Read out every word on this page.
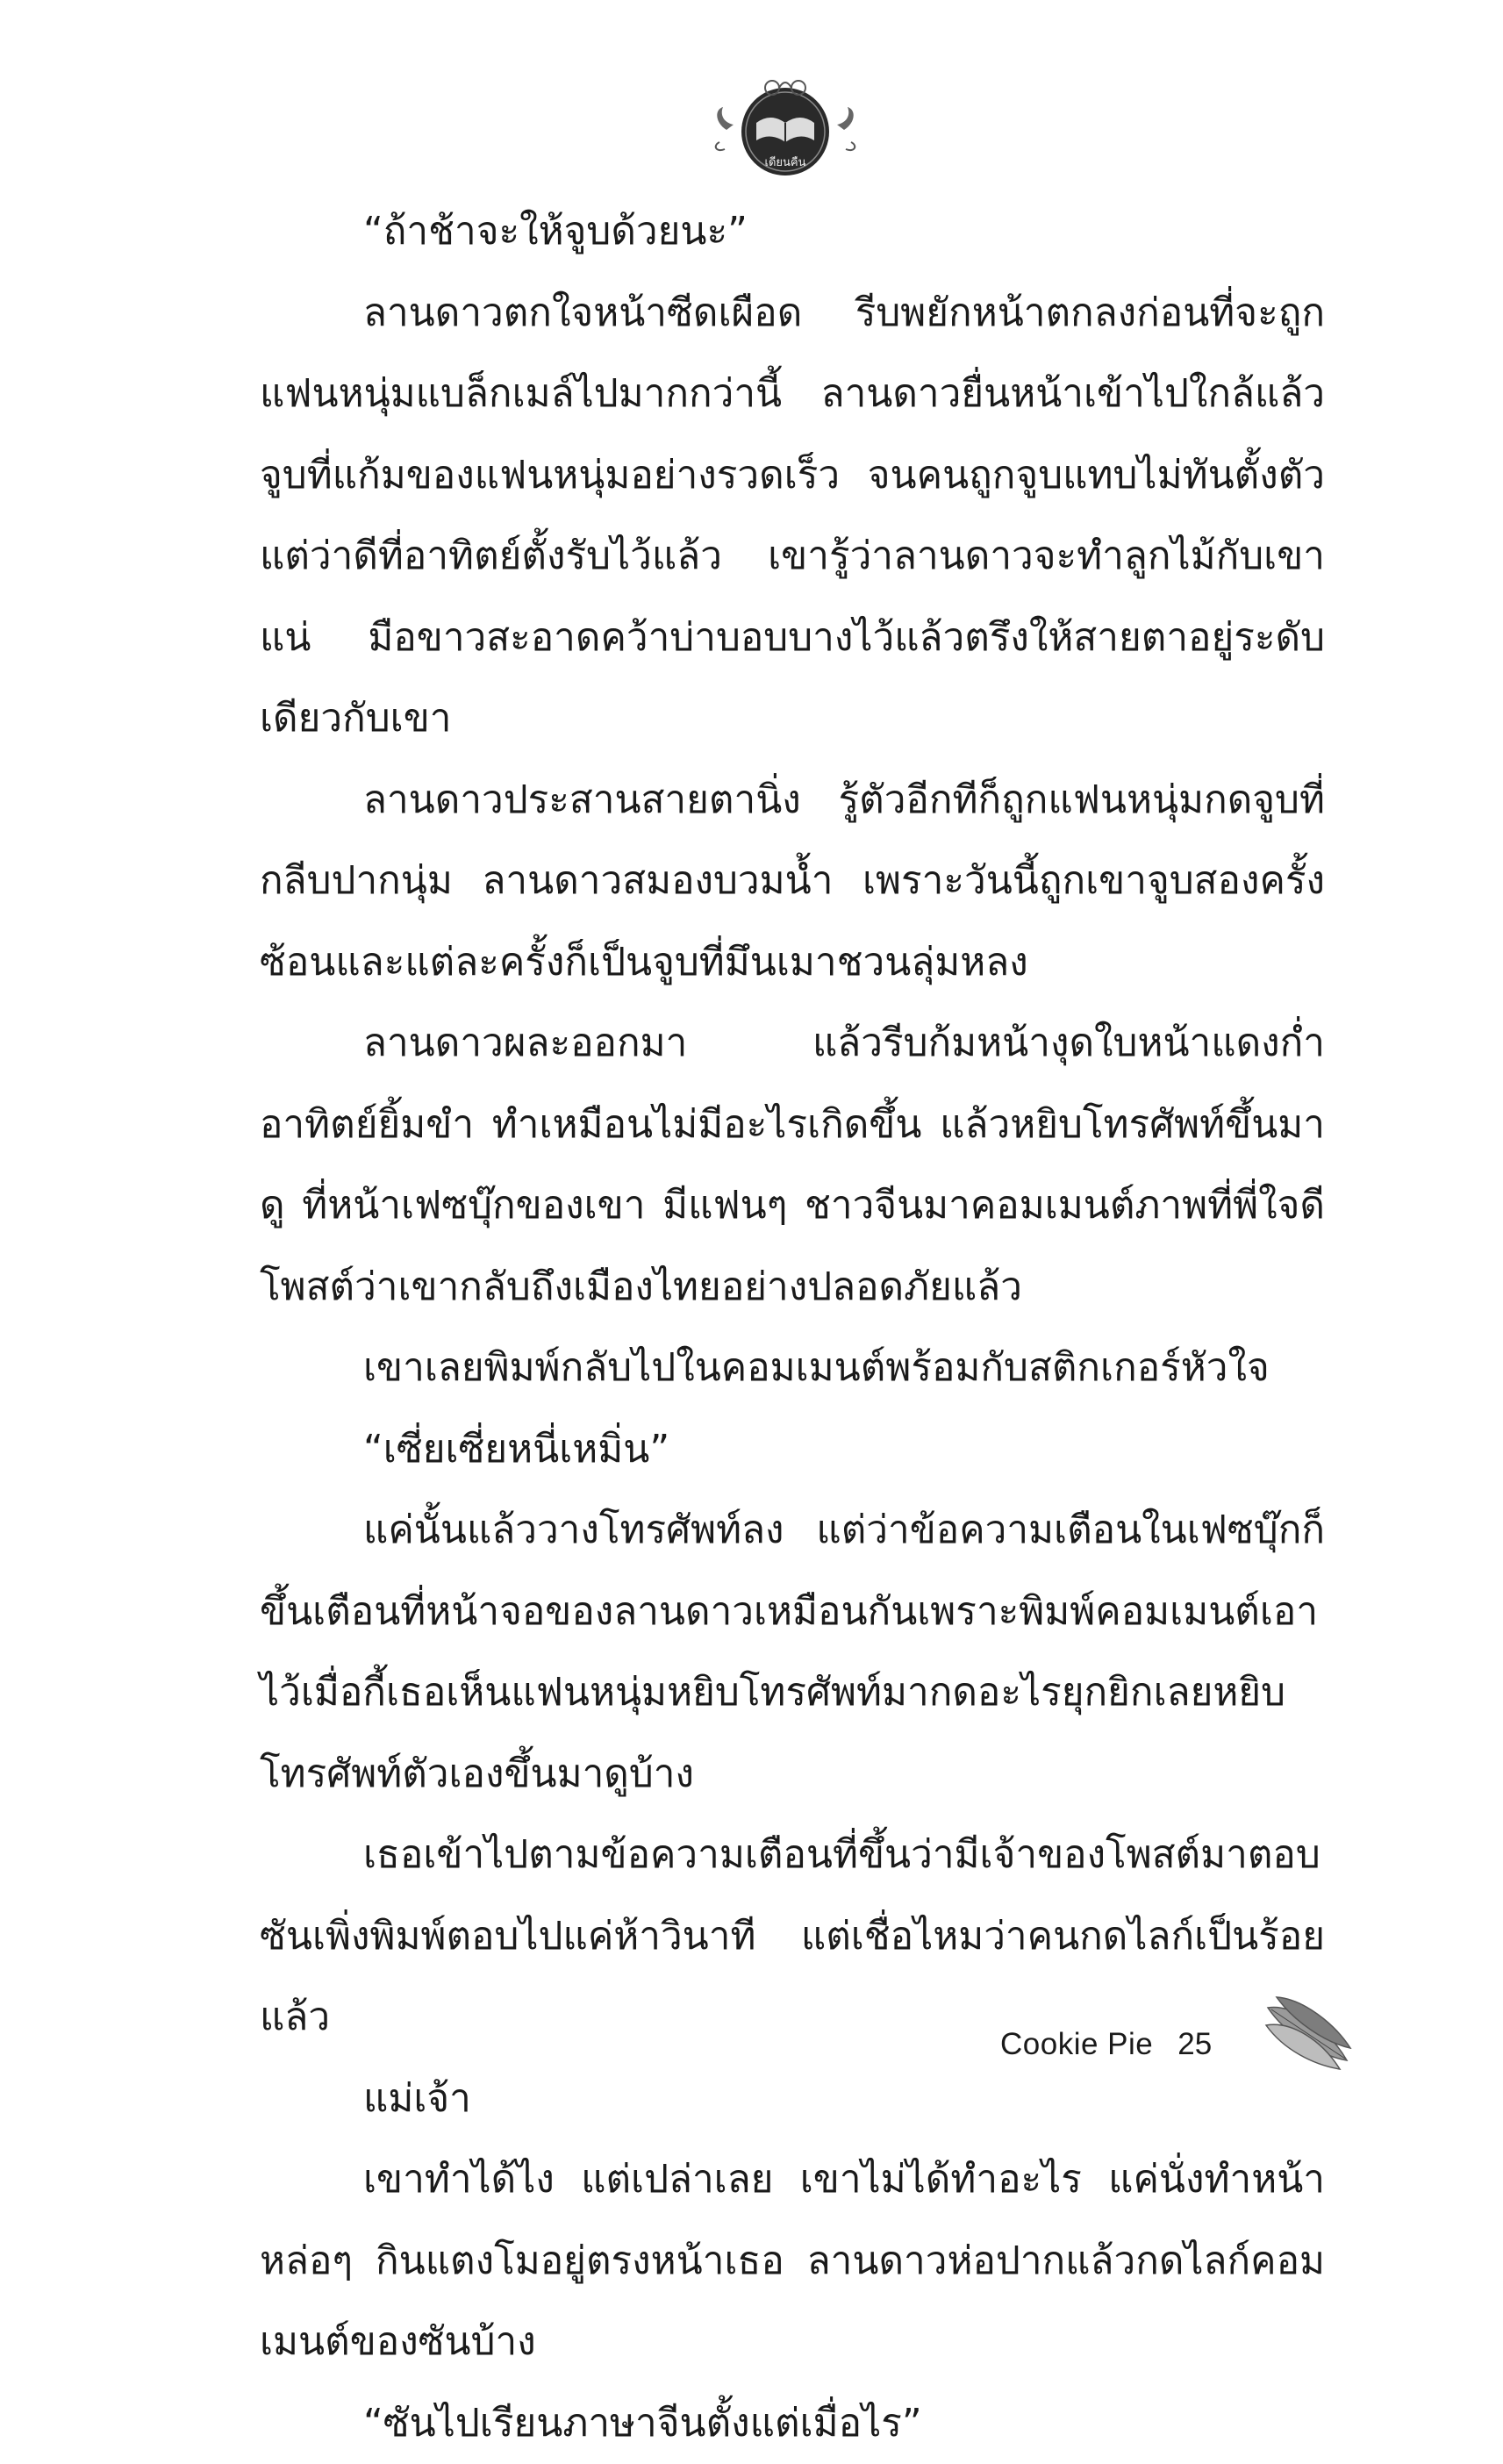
เดียนคืน

“ถ้าช้าจะให้จูบด้วยนะ”

ลานดาวตกใจหน้าซีดเผือด รีบพยักหน้าตกลงก่อนที่จะถูกแฟนหนุ่มแบล็กเมล์ไปมากกว่านี้ ลานดาวยื่นหน้าเข้าไปใกล้แล้วจูบที่แก้มของแฟนหนุ่มอย่างรวดเร็ว จนคนถูกจูบแทบไม่ทันตั้งตัว แต่ว่าดีที่อาทิตย์ตั้งรับไว้แล้ว เขารู้ว่าลานดาวจะทำลูกไม้กับเขาแน่ มือขาวสะอาดคว้าบ่าบอบบางไว้แล้วตรึงให้สายตาอยู่ระดับเดียวกับเขา

ลานดาวประสานสายตานิ่ง รู้ตัวอีกทีก็ถูกแฟนหนุ่มกดจูบที่กลีบปากนุ่ม ลานดาวสมองบวมน้ำ เพราะวันนี้ถูกเขาจูบสองครั้งซ้อนและแต่ละครั้งก็เป็นจูบที่มึนเมาชวนลุ่มหลง

ลานดาวผละออกมา แล้วรีบก้มหน้างุดใบหน้าแดงก่ำ อาทิตย์ยิ้มขำ ทำเหมือนไม่มีอะไรเกิดขึ้น แล้วหยิบโทรศัพท์ขึ้นมาดู ที่หน้าเฟซบุ๊กของเขา มีแฟนๆ ชาวจีนมาคอมเมนต์ภาพที่พี่ใจดีโพสต์ว่าเขากลับถึงเมืองไทยอย่างปลอดภัยแล้ว

เขาเลยพิมพ์กลับไปในคอมเมนต์พร้อมกับสติกเกอร์หัวใจ

“เซี่ยเซี่ยหนี่เหมิ่น”

แค่นั้นแล้ววางโทรศัพท์ลง แต่ว่าข้อความเตือนในเฟซบุ๊กก็ขึ้นเตือนที่หน้าจอของลานดาวเหมือนกันเพราะพิมพ์คอมเมนต์เอาไว้เมื่อกี้เธอเห็นแฟนหนุ่มหยิบโทรศัพท์มากดอะไรยุกยิกเลยหยิบโทรศัพท์ตัวเองขึ้นมาดูบ้าง

เธอเข้าไปตามข้อความเตือนที่ขึ้นว่ามีเจ้าของโพสต์มาตอบ ซันเพิ่งพิมพ์ตอบไปแค่ห้าวินาที แต่เชื่อไหมว่าคนกดไลก์เป็นร้อยแล้ว

แม่เจ้า

เขาทำได้ไง แต่เปล่าเลย เขาไม่ได้ทำอะไร แค่นั่งทำหน้าหล่อๆ กินแตงโมอยู่ตรงหน้าเธอ ลานดาวห่อปากแล้วกดไลก์คอมเมนต์ของซันบ้าง

“ซันไปเรียนภาษาจีนตั้งแต่เมื่อไร”

Cookie Pie 25
